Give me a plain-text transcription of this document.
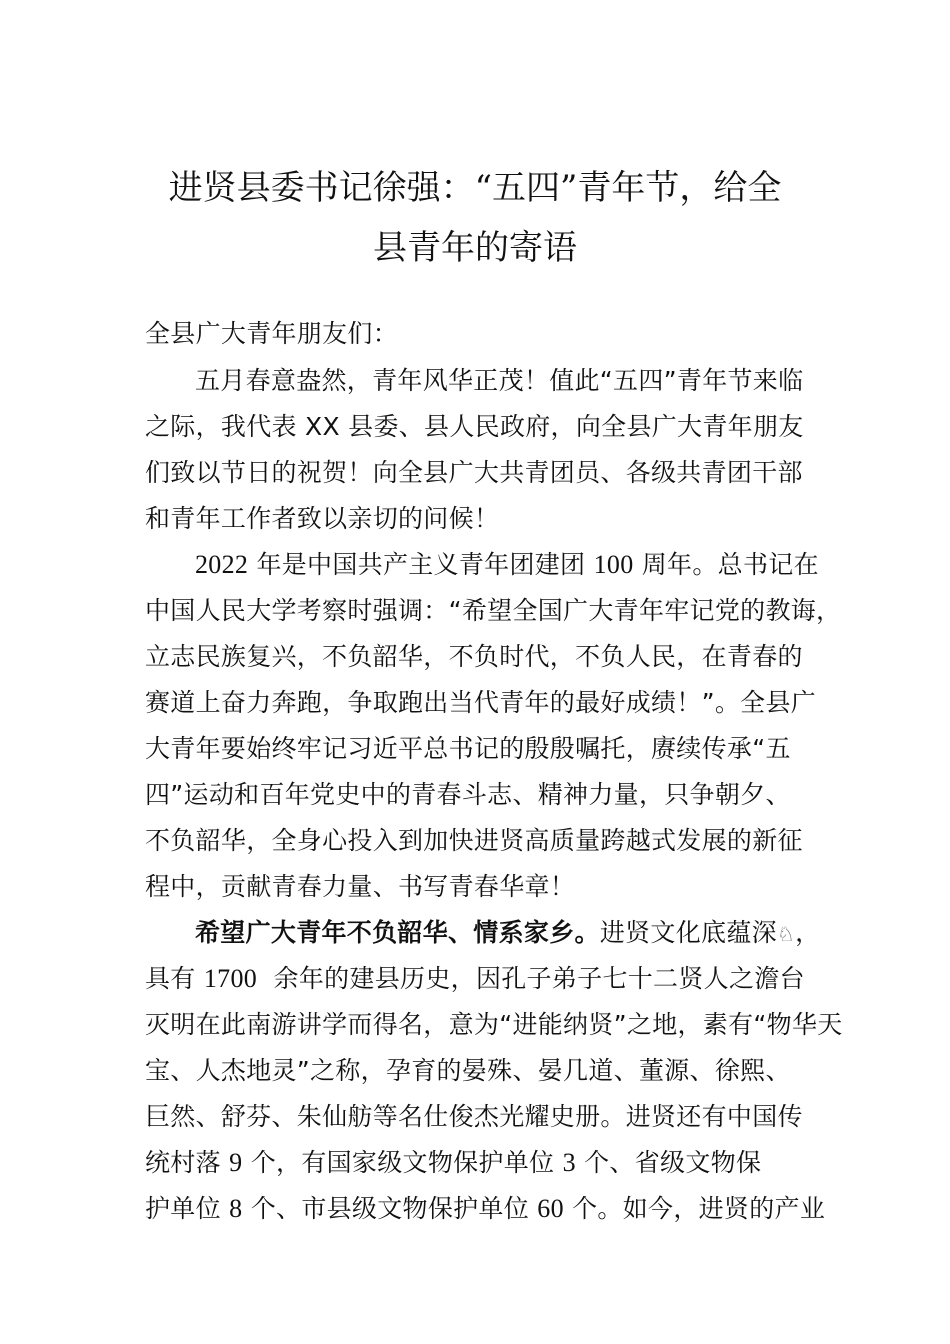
进贤县委书记徐强：“五四”青年节，给全
县青年的寄语
全县广大青年朋友们：
五月春意盎然，青年风华正茂！值此“五四”青年节来临
之际，我代表 XX 县委、县人民政府，向全县广大青年朋友
们致以节日的祝贺！向全县广大共青团员、各级共青团干部
和青年工作者致以亲切的问候！
2022 年是中国共产主义青年团建团 100 周年。总书记在
中国人民大学考察时强调：“希望全国广大青年牢记党的教诲，
立志民族复兴，不负韶华，不负时代，不负人民，在青春的
赛道上奋力奔跑，争取跑出当代青年的最好成绩！”。全县广
大青年要始终牢记习近平总书记的殷殷嘱托，赓续传承“五
四”运动和百年党史中的青春斗志、精神力量，只争朝夕、
不负韶华，全身心投入到加快进贤高质量跨越式发展的新征
程中，贡献青春力量、书写青春华章！
希望广大青年不负韶华、情系家乡。进贤文化底蕴深♘，
具有 1700  余年的建县历史，因孔子弟子七十二贤人之澹台
灭明在此南游讲学而得名，意为“进能纳贤”之地，素有“物华天
宝、人杰地灵”之称，孕育的晏殊、晏几道、董源、徐熙、
巨然、舒芬、朱仙舫等名仕俊杰光耀史册。进贤还有中国传
统村落 9 个，有国家级文物保护单位 3 个、省级文物保
护单位 8 个、市县级文物保护单位 60 个。如今，进贤的产业
